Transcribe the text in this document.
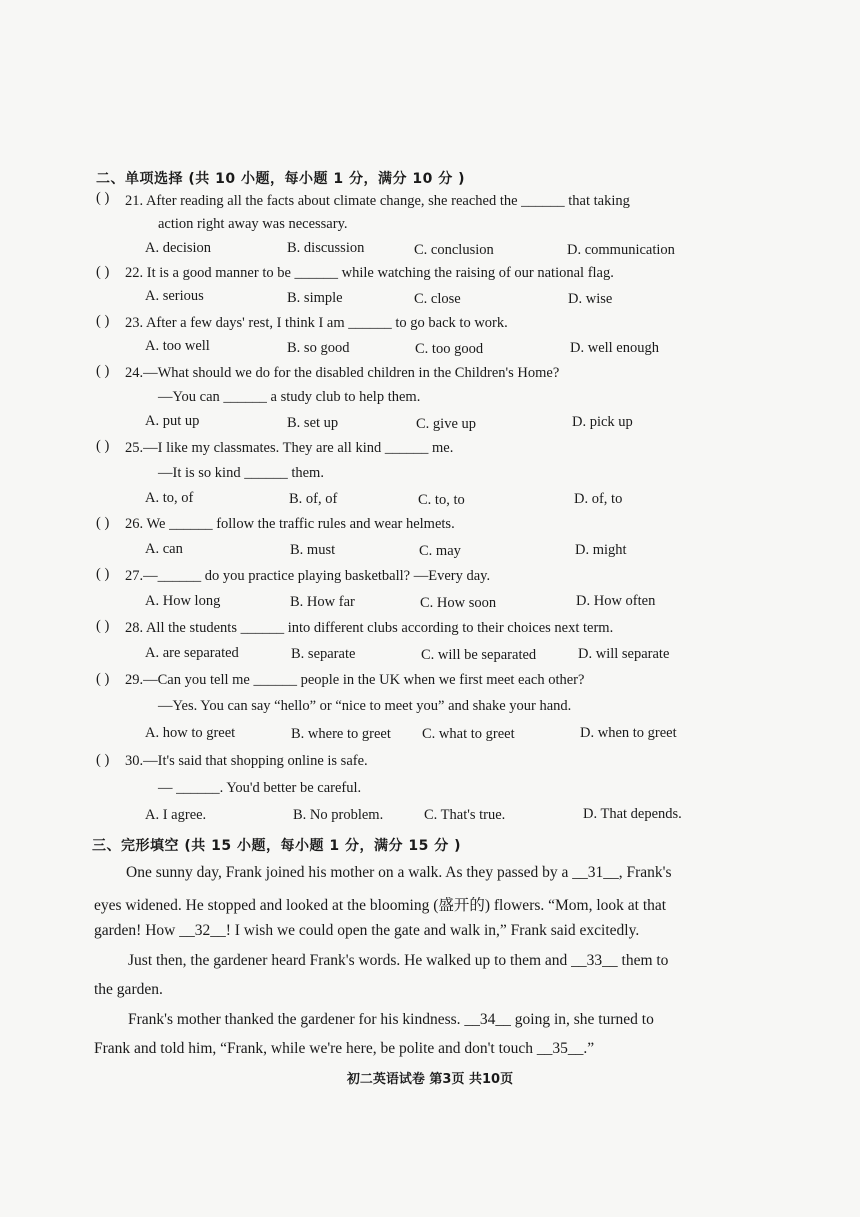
二、单项选择 (共 10 小题，每小题 1 分，满分 10 分 )
( ) 21. After reading all the facts about climate change, she reached the ______ that taking
action right away was necessary.
A. decision	B. discussion	C. conclusion	D. communication
( ) 22. It is a good manner to be ______ while watching the raising of our national flag.
A. serious	B. simple	C. close	D. wise
( ) 23. After a few days' rest, I think I am ______ to go back to work.
A. too well	B. so good	C. too good	D. well enough
( ) 24.—What should we do for the disabled children in the Children's Home?
—You can ______ a study club to help them.
A. put up	B. set up	C. give up	D. pick up
( ) 25.—I like my classmates. They are all kind ______ me.
—It is so kind ______ them.
A. to, of	B. of, of	C. to, to	D. of, to
( ) 26. We ______ follow the traffic rules and wear helmets.
A. can	B. must	C. may	D. might
( ) 27.—______ do you practice playing basketball? —Every day.
A. How long	B. How far	C. How soon	D. How often
( ) 28. All the students ______ into different clubs according to their choices next term.
A. are separated	B. separate	C. will be separated	D. will separate
( ) 29.—Can you tell me ______ people in the UK when we first meet each other?
—Yes. You can say “hello” or “nice to meet you” and shake your hand.
A. how to greet	B. where to greet C. what to greet	D. when to greet
( ) 30.—It's said that shopping online is safe.
— ______. You'd better be careful.
A. I agree.	B. No problem.	C. That's true.	D. That depends.
三、完形填空 (共 15 小题，每小题 1 分，满分 15 分 )
One sunny day, Frank joined his mother on a walk. As they passed by a __31__, Frank's
eyes widened. He stopped and looked at the blooming (盛开的) flowers. “Mom, look at that
garden! How __32__! I wish we could open the gate and walk in,” Frank said excitedly.
Just then, the gardener heard Frank's words. He walked up to them and __33__ them to
the garden.
Frank's mother thanked the gardener for his kindness. __34__ going in, she turned to
Frank and told him, “Frank, while we're here, be polite and don't touch __35__.”
初二英语试卷 第3页 共10页
